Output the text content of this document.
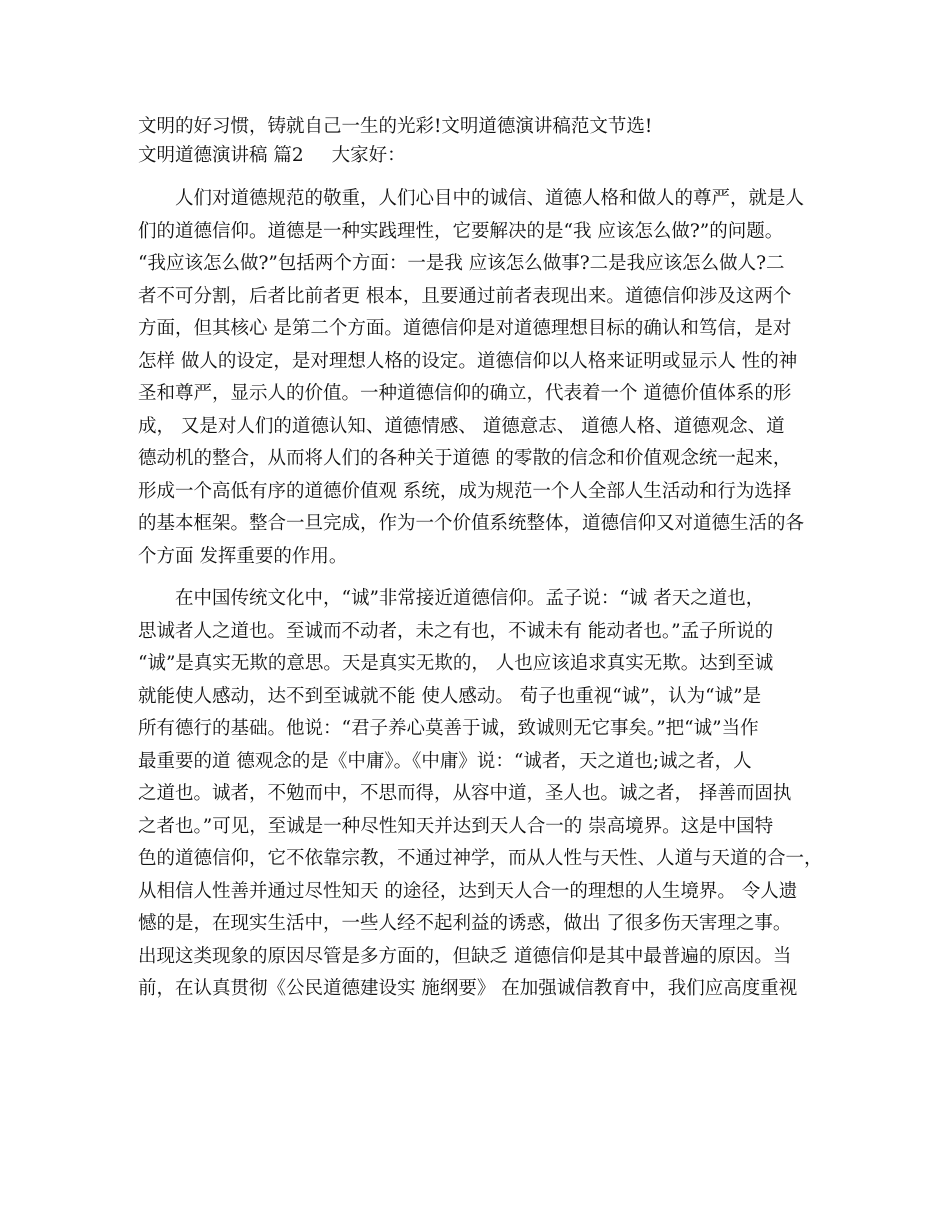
文明的好习惯，铸就自己一生的光彩!文明道德演讲稿范文节选!

文明道德演讲稿 篇2 大家好：

人们对道德规范的敬重，人们心目中的诚信、道德人格和做人的尊严，就是人

们的道德信仰。道德是一种实践理性，它要解决的是“我 应该怎么做?”的问题。

“我应该怎么做?”包括两个方面：一是我 应该怎么做事?二是我应该怎么做人?二

者不可分割，后者比前者更 根本，且要通过前者表现出来。道德信仰涉及这两个

方面，但其核心 是第二个方面。道德信仰是对道德理想目标的确认和笃信，是对

怎样 做人的设定，是对理想人格的设定。道德信仰以人格来证明或显示人 性的神

圣和尊严，显示人的价值。一种道德信仰的确立，代表着一个 道德价值体系的形

成， 又是对人们的道德认知、道德情感、 道德意志、 道德人格、道德观念、道

德动机的整合，从而将人们的各种关于道德 的零散的信念和价值观念统一起来，

形成一个高低有序的道德价值观 系统，成为规范一个人全部人生活动和行为选择

的基本框架。整合一旦完成，作为一个价值系统整体，道德信仰又对道德生活的各

个方面 发挥重要的作用。

在中国传统文化中，“诚”非常接近道德信仰。孟子说：“诚 者天之道也，

思诚者人之道也。至诚而不动者，未之有也，不诚未有 能动者也。”孟子所说的

“诚”是真实无欺的意思。天是真实无欺的， 人也应该追求真实无欺。达到至诚

就能使人感动，达不到至诚就不能 使人感动。 荀子也重视“诚”，认为“诚”是

所有德行的基础。他说：“君子养心莫善于诚，致诚则无它事矣。”把“诚”当作

最重要的道 德观念的是《中庸》。《中庸》说：“诚者，天之道也;诚之者，人

之道也。诚者，不勉而中，不思而得，从容中道，圣人也。诚之者， 择善而固执

之者也。”可见，至诚是一种尽性知天并达到天人合一的 崇高境界。这是中国特

色的道德信仰，它不依靠宗教，不通过神学，而从人性与天性、人道与天道的合一，

从相信人性善并通过尽性知天 的途径，达到天人合一的理想的人生境界。 令人遗

憾的是，在现实生活中，一些人经不起利益的诱惑，做出 了很多伤天害理之事。

出现这类现象的原因尽管是多方面的，但缺乏 道德信仰是其中最普遍的原因。当

前，在认真贯彻《公民道德建设实 施纲要》 在加强诚信教育中，我们应高度重视
